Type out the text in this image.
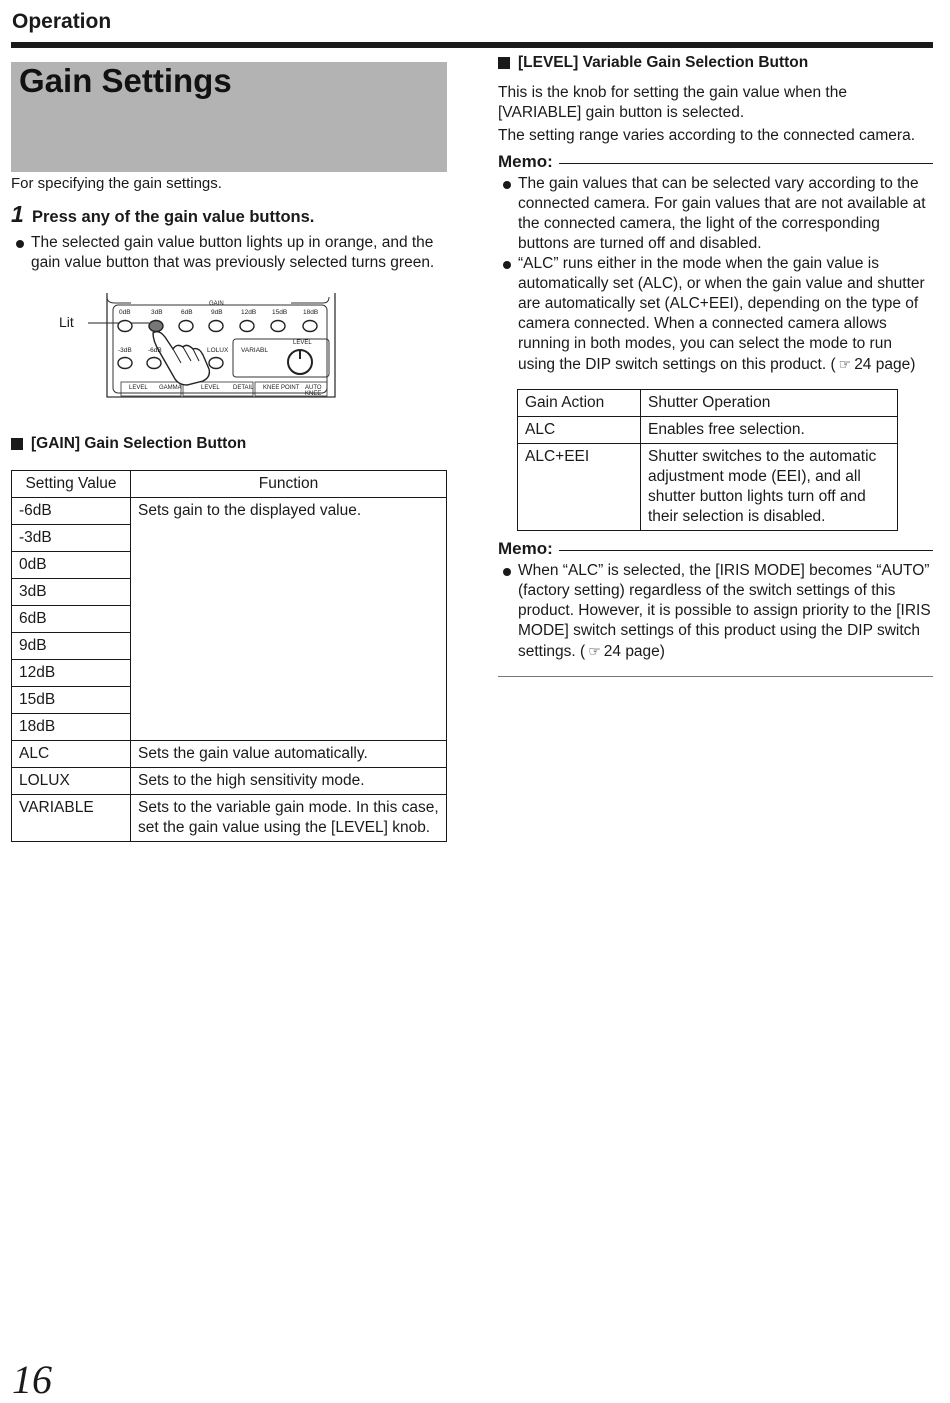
Operation
Gain Settings
For specifying the gain settings.
1 Press any of the gain value buttons.
The selected gain value button lights up in orange, and the gain value button that was previously selected turns green.
Lit
GAIN
0dB	3dB	6dB	9dB	12dB 15dB 18dB
-3dB	-6dB	LOLUX VARIABL
LEVEL
LEVEL GAMMA	LEVEL DETAIL KNEE POINT AUTO KNEE
[GAIN] Gain Selection Button
Setting Value	Function
-6dB	Sets gain to the displayed value.
-3dB	
0dB	
3dB	
6dB	
9dB	
12dB	
15dB	
18dB	
ALC	Sets the gain value automatically.
LOLUX	Sets to the high sensitivity mode.
VARIABLE	Sets to the variable gain mode. In this case, set the gain value using the [LEVEL] knob.
[LEVEL] Variable Gain Selection Button
This is the knob for setting the gain value when the [VARIABLE] gain button is selected.
The setting range varies according to the connected camera.
Memo:
The gain values that can be selected vary according to the connected camera. For gain values that are not available at the connected camera, the light of the corresponding buttons are turned off and disabled.
“ALC” runs either in the mode when the gain value is automatically set (ALC), or when the gain value and shutter are automatically set (ALC+EEI), depending on the type of camera connected. When a connected camera allows running in both modes, you can select the mode to run using the DIP switch settings on this product. ( ☞ 24 page)
Gain Action	Shutter Operation
ALC	Enables free selection.
ALC+EEI	Shutter switches to the automatic adjustment mode (EEI), and all shutter button lights turn off and their selection is disabled.
Memo:
When “ALC” is selected, the [IRIS MODE] becomes “AUTO” (factory setting) regardless of the switch settings of this product. However, it is possible to assign priority to the [IRIS MODE] switch settings of this product using the DIP switch settings. ( ☞ 24 page)
16
